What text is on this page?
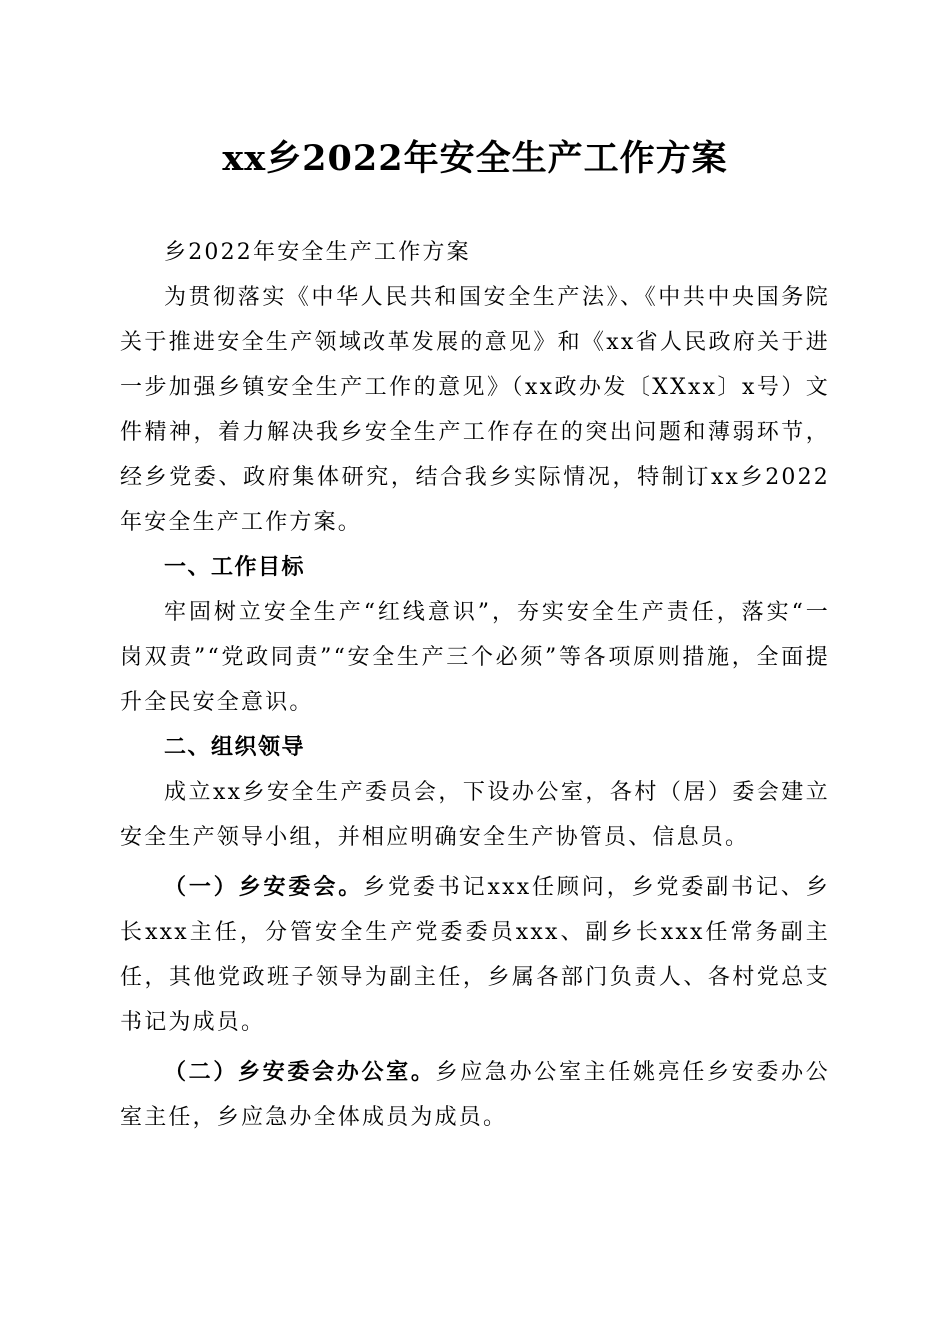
xx乡2022年安全生产工作方案

乡2022年安全生产工作方案

为贯彻落实《中华人民共和国安全生产法》、《中共中央国务院关于推进安全生产领域改革发展的意见》和《xx省人民政府关于进一步加强乡镇安全生产工作的意见》（xx政办发〔XXxx〕x号）文件精神，着力解决我乡安全生产工作存在的突出问题和薄弱环节，经乡党委、政府集体研究，结合我乡实际情况，特制订xx乡2022年安全生产工作方案。

一、工作目标

牢固树立安全生产“红线意识”，夯实安全生产责任，落实“一岗双责”“党政同责”“安全生产三个必须”等各项原则措施，全面提升全民安全意识。

二、组织领导

成立xx乡安全生产委员会，下设办公室，各村（居）委会建立安全生产领导小组，并相应明确安全生产协管员、信息员。

（一）乡安委会。乡党委书记xxx任顾问，乡党委副书记、乡长xxx主任，分管安全生产党委委员xxx、副乡长xxx任常务副主任，其他党政班子领导为副主任，乡属各部门负责人、各村党总支书记为成员。

（二）乡安委会办公室。乡应急办公室主任姚亮任乡安委办公室主任，乡应急办全体成员为成员。
